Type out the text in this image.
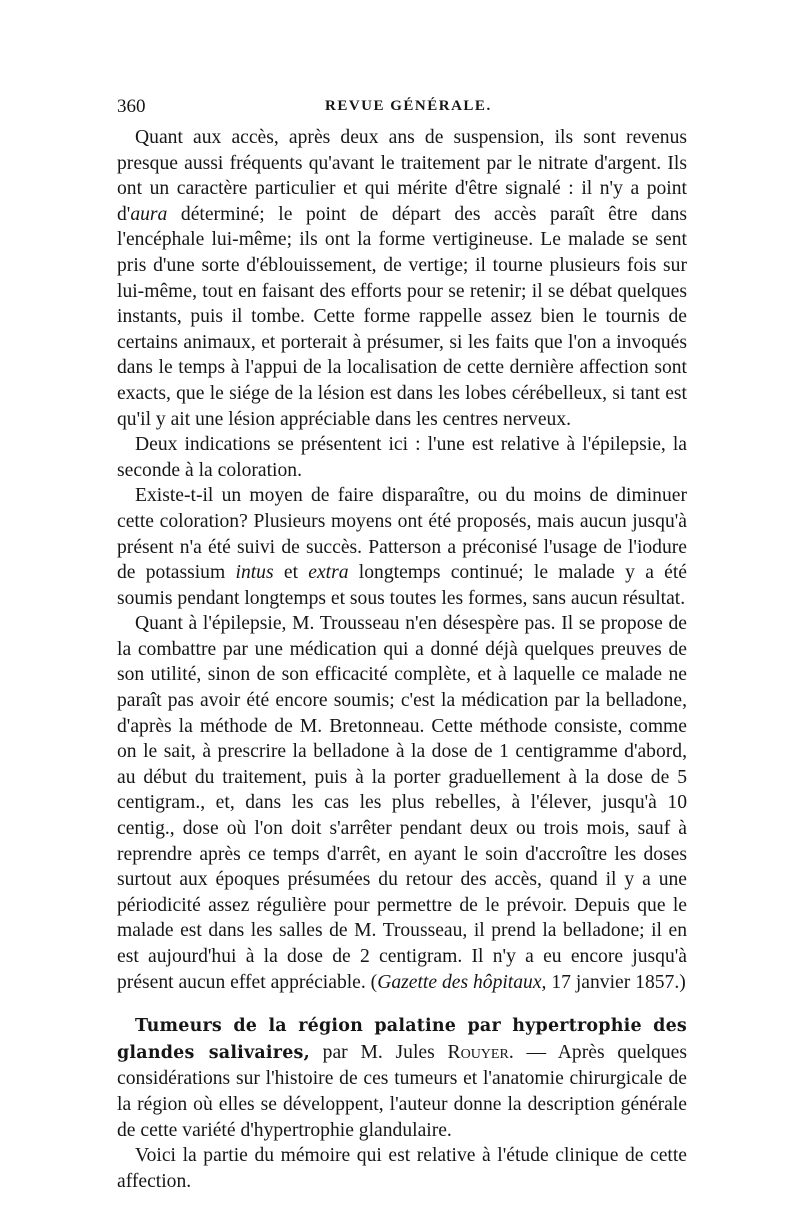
360	REVUE GÉNÉRALE.

Quant aux accès, après deux ans de suspension, ils sont revenus presque aussi fréquents qu'avant le traitement par le nitrate d'argent. Ils ont un caractère particulier et qui mérite d'être signalé : il n'y a point d'aura déterminé; le point de départ des accès paraît être dans l'encéphale lui-même; ils ont la forme vertigineuse. Le malade se sent pris d'une sorte d'éblouissement, de vertige; il tourne plusieurs fois sur lui-même, tout en faisant des efforts pour se retenir; il se débat quelques instants, puis il tombe. Cette forme rappelle assez bien le tournis de certains animaux, et porterait à présumer, si les faits que l'on a invoqués dans le temps à l'appui de la localisation de cette dernière affection sont exacts, que le siége de la lésion est dans les lobes cérébelleux, si tant est qu'il y ait une lésion appréciable dans les centres nerveux.

Deux indications se présentent ici : l'une est relative à l'épilepsie, la seconde à la coloration.

Existe-t-il un moyen de faire disparaître, ou du moins de diminuer cette coloration? Plusieurs moyens ont été proposés, mais aucun jusqu'à présent n'a été suivi de succès. Patterson a préconisé l'usage de l'iodure de potassium intus et extra longtemps continué; le malade y a été soumis pendant longtemps et sous toutes les formes, sans aucun résultat.

Quant à l'épilepsie, M. Trousseau n'en désespère pas. Il se propose de la combattre par une médication qui a donné déjà quelques preuves de son utilité, sinon de son efficacité complète, et à laquelle ce malade ne paraît pas avoir été encore soumis; c'est la médication par la belladone, d'après la méthode de M. Bretonneau. Cette méthode consiste, comme on le sait, à prescrire la belladone à la dose de 1 centigramme d'abord, au début du traitement, puis à la porter graduellement à la dose de 5 centigram., et, dans les cas les plus rebelles, à l'élever, jusqu'à 10 centig., dose où l'on doit s'arrêter pendant deux ou trois mois, sauf à reprendre après ce temps d'arrêt, en ayant le soin d'accroître les doses surtout aux époques présumées du retour des accès, quand il y a une périodicité assez régulière pour permettre de le prévoir. Depuis que le malade est dans les salles de M. Trousseau, il prend la belladone; il en est aujourd'hui à la dose de 2 centigram. Il n'y a eu encore jusqu'à présent aucun effet appréciable. (Gazette des hôpitaux, 17 janvier 1857.)

Tumeurs de la région palatine par hypertrophie des glandes salivaires, par M. Jules Rouyer. — Après quelques considérations sur l'histoire de ces tumeurs et l'anatomie chirurgicale de la région où elles se développent, l'auteur donne la description générale de cette variété d'hypertrophie glandulaire.

Voici la partie du mémoire qui est relative à l'étude clinique de cette affection.
